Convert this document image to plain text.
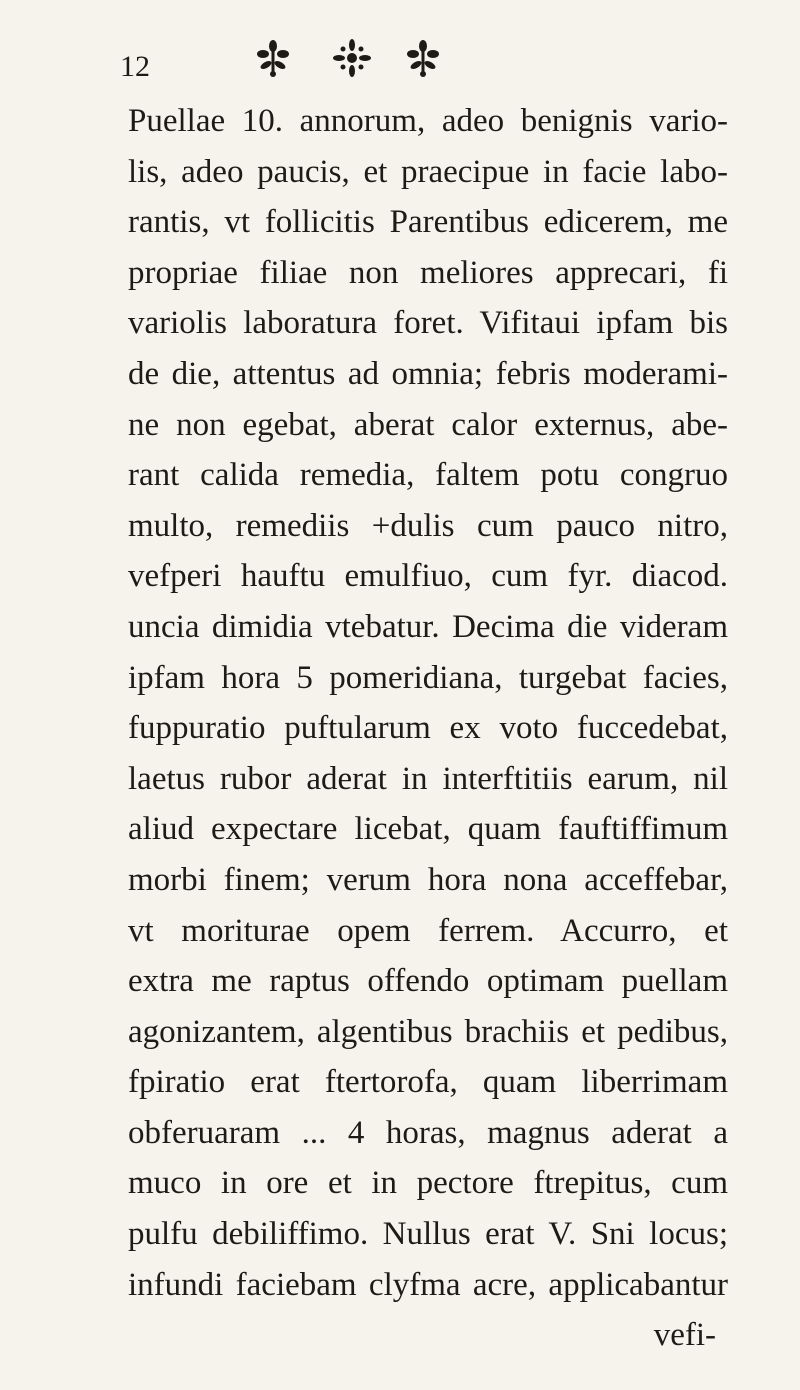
12
Puellae 10. annorum, adeo benignis vario-
lis, adeo paucis, et praecipue in facie labo-
rantis, vt follicitis Parentibus edicerem, me
propriae filiae non meliores apprecari, fi
variolis laboratura foret. Vifitaui ipfam bis
de die, attentus ad omnia; febris moderami-
ne non egebat, aberat calor externus, abe-
rant calida remedia, faltem potu congruo
multo, remediis +dulis cum pauco nitro,
vefperi hauftu emulfiuo, cum fyr. diacod.
uncia dimidia vtebatur. Decima die videram
ipfam hora 5 pomeridiana, turgebat facies,
fuppuratio puftularum ex voto fuccedebat,
laetus rubor aderat in interftitiis earum, nil
aliud expectare licebat, quam fauftiffimum
morbi finem; verum hora nona acceffebar,
vt moriturae opem ferrem. Accurro, et
extra me raptus offendo optimam puellam
agonizantem, algentibus brachiis et pedibus,
fpiratio erat ftertorofa, quam liberrimam
obferuaram ... 4 horas, magnus aderat a
muco in ore et in pectore ftrepitus, cum
pulfu debiliffimo. Nullus erat V. Sni locus;
infundi faciebam clyfma acre, applicabantur
vefi-
